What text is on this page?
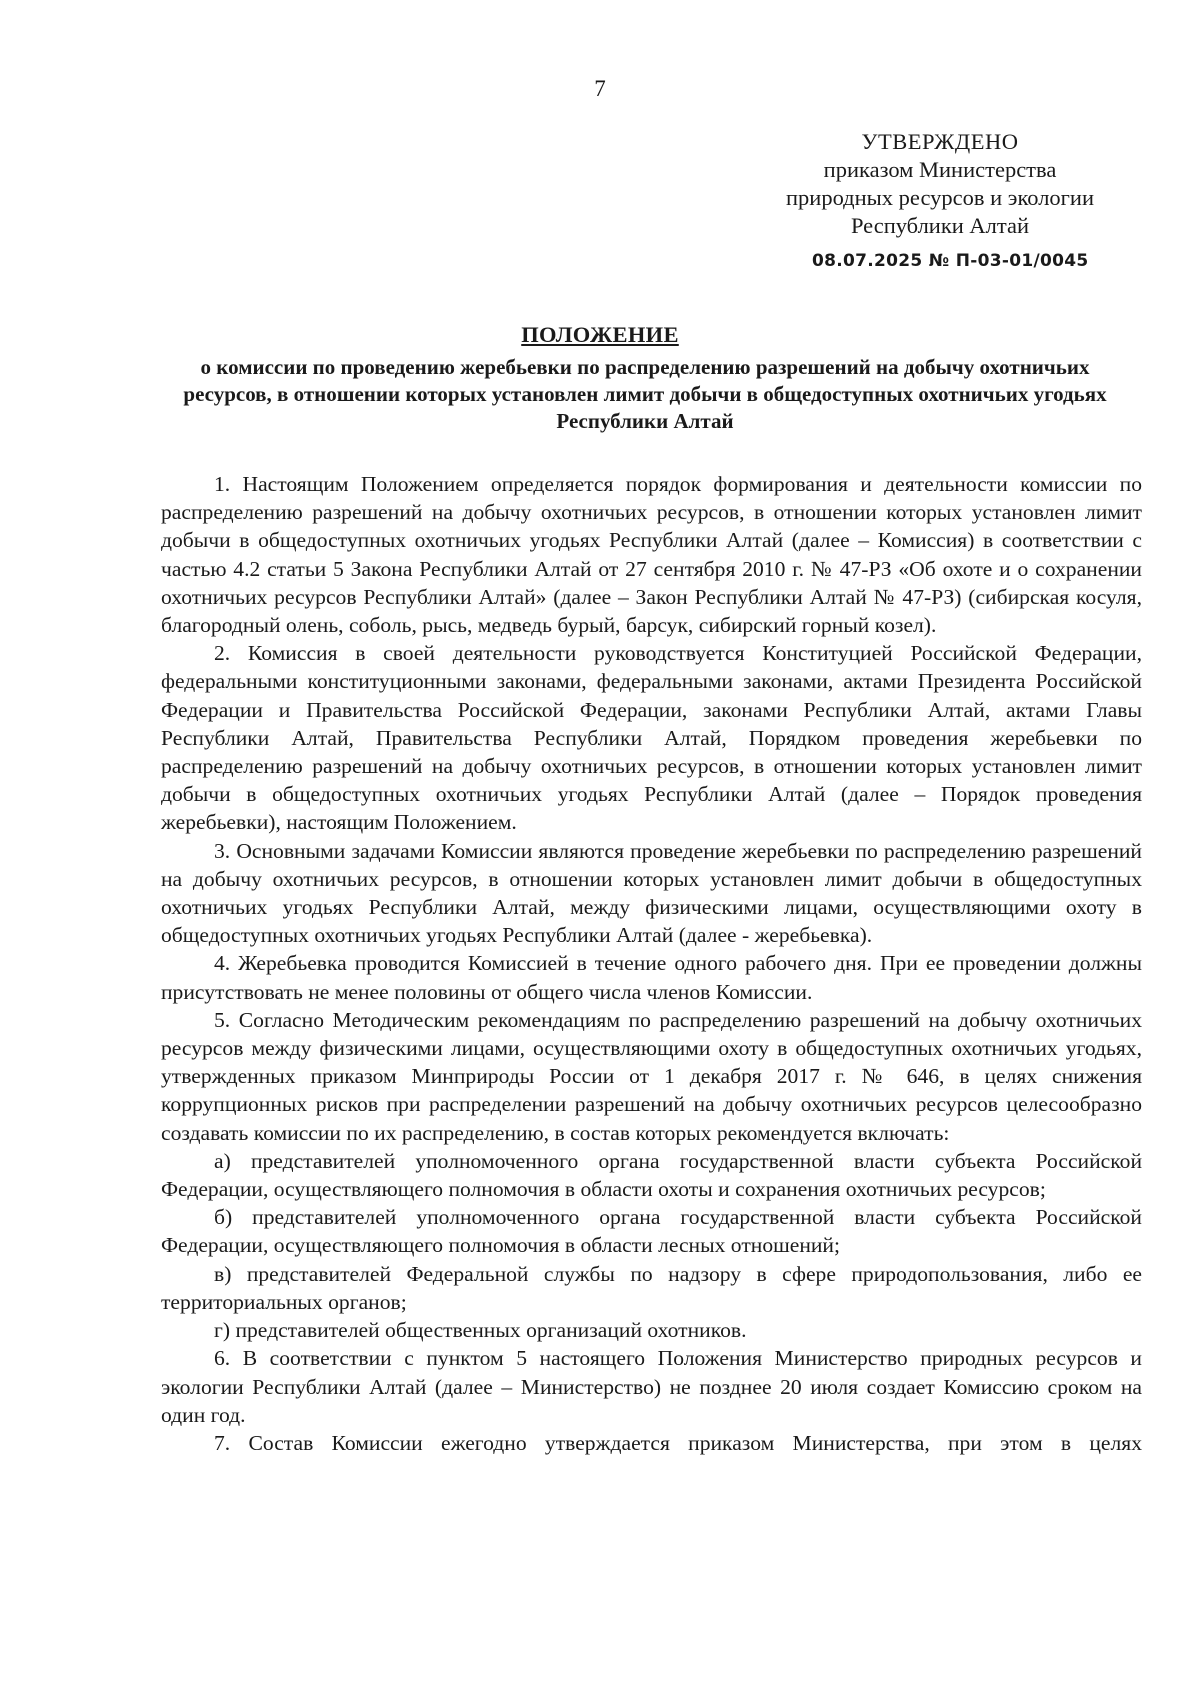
7
УТВЕРЖДЕНО
приказом Министерства
природных ресурсов и экологии
Республики Алтай
08.07.2025 № П-03-01/0045
ПОЛОЖЕНИЕ
о комиссии по проведению жеребьевки по распределению разрешений на добычу охотничьих ресурсов, в отношении которых установлен лимит добычи в общедоступных охотничьих угодьях Республики Алтай

1. Настоящим Положением определяется порядок формирования и деятельности комиссии по распределению разрешений на добычу охотничьих ресурсов, в отношении которых установлен лимит добычи в общедоступных охотничьих угодьях Республики Алтай (далее – Комиссия) в соответствии с частью 4.2 статьи 5 Закона Республики Алтай от 27 сентября 2010 г. № 47-РЗ «Об охоте и о сохранении охотничьих ресурсов Республики Алтай» (далее – Закон Республики Алтай № 47-РЗ) (сибирская косуля, благородный олень, соболь, рысь, медведь бурый, барсук, сибирский горный козел).

2. Комиссия в своей деятельности руководствуется Конституцией Российской Федерации, федеральными конституционными законами, федеральными законами, актами Президента Российской Федерации и Правительства Российской Федерации, законами Республики Алтай, актами Главы Республики Алтай, Правительства Республики Алтай, Порядком проведения жеребьевки по распределению разрешений на добычу охотничьих ресурсов, в отношении которых установлен лимит добычи в общедоступных охотничьих угодьях Республики Алтай (далее – Порядок проведения жеребьевки), настоящим Положением.

3. Основными задачами Комиссии являются проведение жеребьевки по распределению разрешений на добычу охотничьих ресурсов, в отношении которых установлен лимит добычи в общедоступных охотничьих угодьях Республики Алтай, между физическими лицами, осуществляющими охоту в общедоступных охотничьих угодьях Республики Алтай (далее - жеребьевка).

4. Жеребьевка проводится Комиссией в течение одного рабочего дня. При ее проведении должны присутствовать не менее половины от общего числа членов Комиссии.

5. Согласно Методическим рекомендациям по распределению разрешений на добычу охотничьих ресурсов между физическими лицами, осуществляющими охоту в общедоступных охотничьих угодьях, утвержденных приказом Минприроды России от 1 декабря 2017 г. № 646, в целях снижения коррупционных рисков при распределении разрешений на добычу охотничьих ресурсов целесообразно создавать комиссии по их распределению, в состав которых рекомендуется включать:

а) представителей уполномоченного органа государственной власти субъекта Российской Федерации, осуществляющего полномочия в области охоты и сохранения охотничьих ресурсов;

б) представителей уполномоченного органа государственной власти субъекта Российской Федерации, осуществляющего полномочия в области лесных отношений;

в) представителей Федеральной службы по надзору в сфере природопользования, либо ее территориальных органов;

г) представителей общественных организаций охотников.

6. В соответствии с пунктом 5 настоящего Положения Министерство природных ресурсов и экологии Республики Алтай (далее – Министерство) не позднее 20 июля создает Комиссию сроком на один год.

7. Состав Комиссии ежегодно утверждается приказом Министерства, при этом в целях
